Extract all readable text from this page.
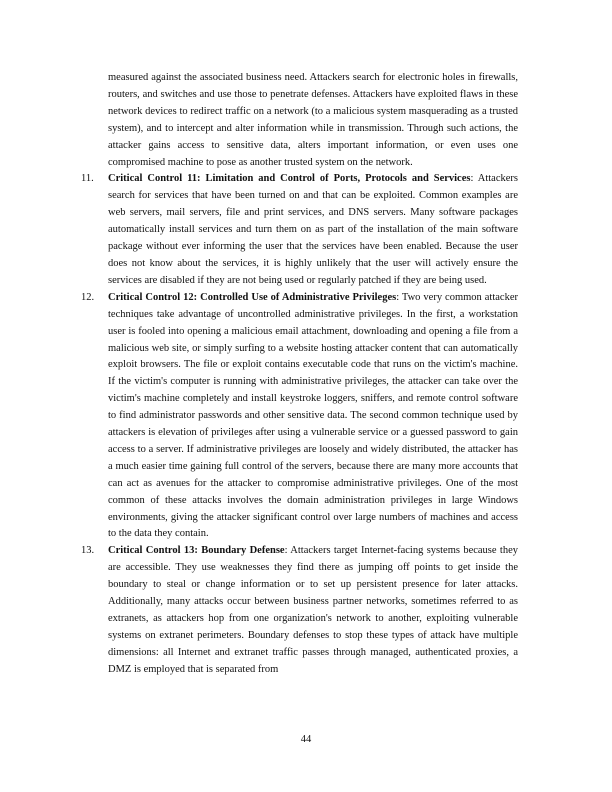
measured against the associated business need. Attackers search for electronic holes in firewalls, routers, and switches and use those to penetrate defenses. Attackers have exploited flaws in these network devices to redirect traffic on a network (to a malicious system masquerading as a trusted system), and to intercept and alter information while in transmission. Through such actions, the attacker gains access to sensitive data, alters important information, or even uses one compromised machine to pose as another trusted system on the network.

11. Critical Control 11: Limitation and Control of Ports, Protocols and Services: Attackers search for services that have been turned on and that can be exploited. Common examples are web servers, mail servers, file and print services, and DNS servers. Many software packages automatically install services and turn them on as part of the installation of the main software package without ever informing the user that the services have been enabled. Because the user does not know about the services, it is highly unlikely that the user will actively ensure the services are disabled if they are not being used or regularly patched if they are being used.
12. Critical Control 12: Controlled Use of Administrative Privileges: Two very common attacker techniques take advantage of uncontrolled administrative privileges. In the first, a workstation user is fooled into opening a malicious email attachment, downloading and opening a file from a malicious web site, or simply surfing to a website hosting attacker content that can automatically exploit browsers. The file or exploit contains executable code that runs on the victim's machine. If the victim's computer is running with administrative privileges, the attacker can take over the victim's machine completely and install keystroke loggers, sniffers, and remote control software to find administrator passwords and other sensitive data. The second common technique used by attackers is elevation of privileges after using a vulnerable service or a guessed password to gain access to a server. If administrative privileges are loosely and widely distributed, the attacker has a much easier time gaining full control of the servers, because there are many more accounts that can act as avenues for the attacker to compromise administrative privileges. One of the most common of these attacks involves the domain administration privileges in large Windows environments, giving the attacker significant control over large numbers of machines and access to the data they contain.
13. Critical Control 13: Boundary Defense: Attackers target Internet-facing systems because they are accessible. They use weaknesses they find there as jumping off points to get inside the boundary to steal or change information or to set up persistent presence for later attacks. Additionally, many attacks occur between business partner networks, sometimes referred to as extranets, as attackers hop from one organization's network to another, exploiting vulnerable systems on extranet perimeters. Boundary defenses to stop these types of attack have multiple dimensions: all Internet and extranet traffic passes through managed, authenticated proxies, a DMZ is employed that is separated from
44
